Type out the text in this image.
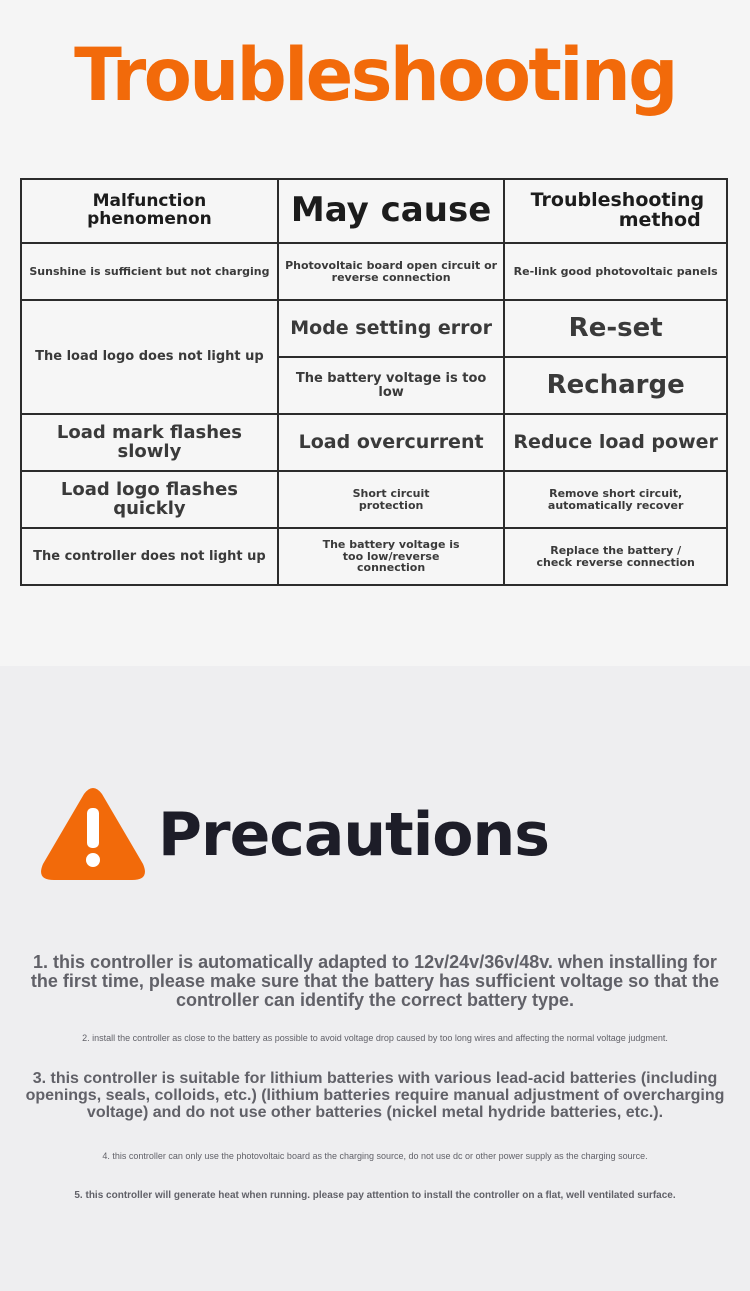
Troubleshooting
Malfunction phenomenon	May cause	Troubleshooting method
Sunshine is sufficient but not charging	Photovoltaic board open circuit or reverse connection	Re-link good photovoltaic panels
The load logo does not light up	Mode setting error	Re-set
	The battery voltage is too low	Recharge
Load mark flashes slowly	Load overcurrent	Reduce load power
Load logo flashes quickly	Short circuit protection	Remove short circuit, automatically recover
The controller does not light up	The battery voltage is too low/reverse connection	Replace the battery / check reverse connection
Precautions
1. this controller is automatically adapted to 12v/24v/36v/48v. when installing for the first time, please make sure that the battery has sufficient voltage so that the controller can identify the correct battery type.
2. install the controller as close to the battery as possible to avoid voltage drop caused by too long wires and affecting the normal voltage judgment.
3. this controller is suitable for lithium batteries with various lead-acid batteries (including openings, seals, colloids, etc.) (lithium batteries require manual adjustment of overcharging voltage) and do not use other batteries (nickel metal hydride batteries, etc.).
4. this controller can only use the photovoltaic board as the charging source, do not use dc or other power supply as the charging source.
5. this controller will generate heat when running. please pay attention to install the controller on a flat, well ventilated surface.
